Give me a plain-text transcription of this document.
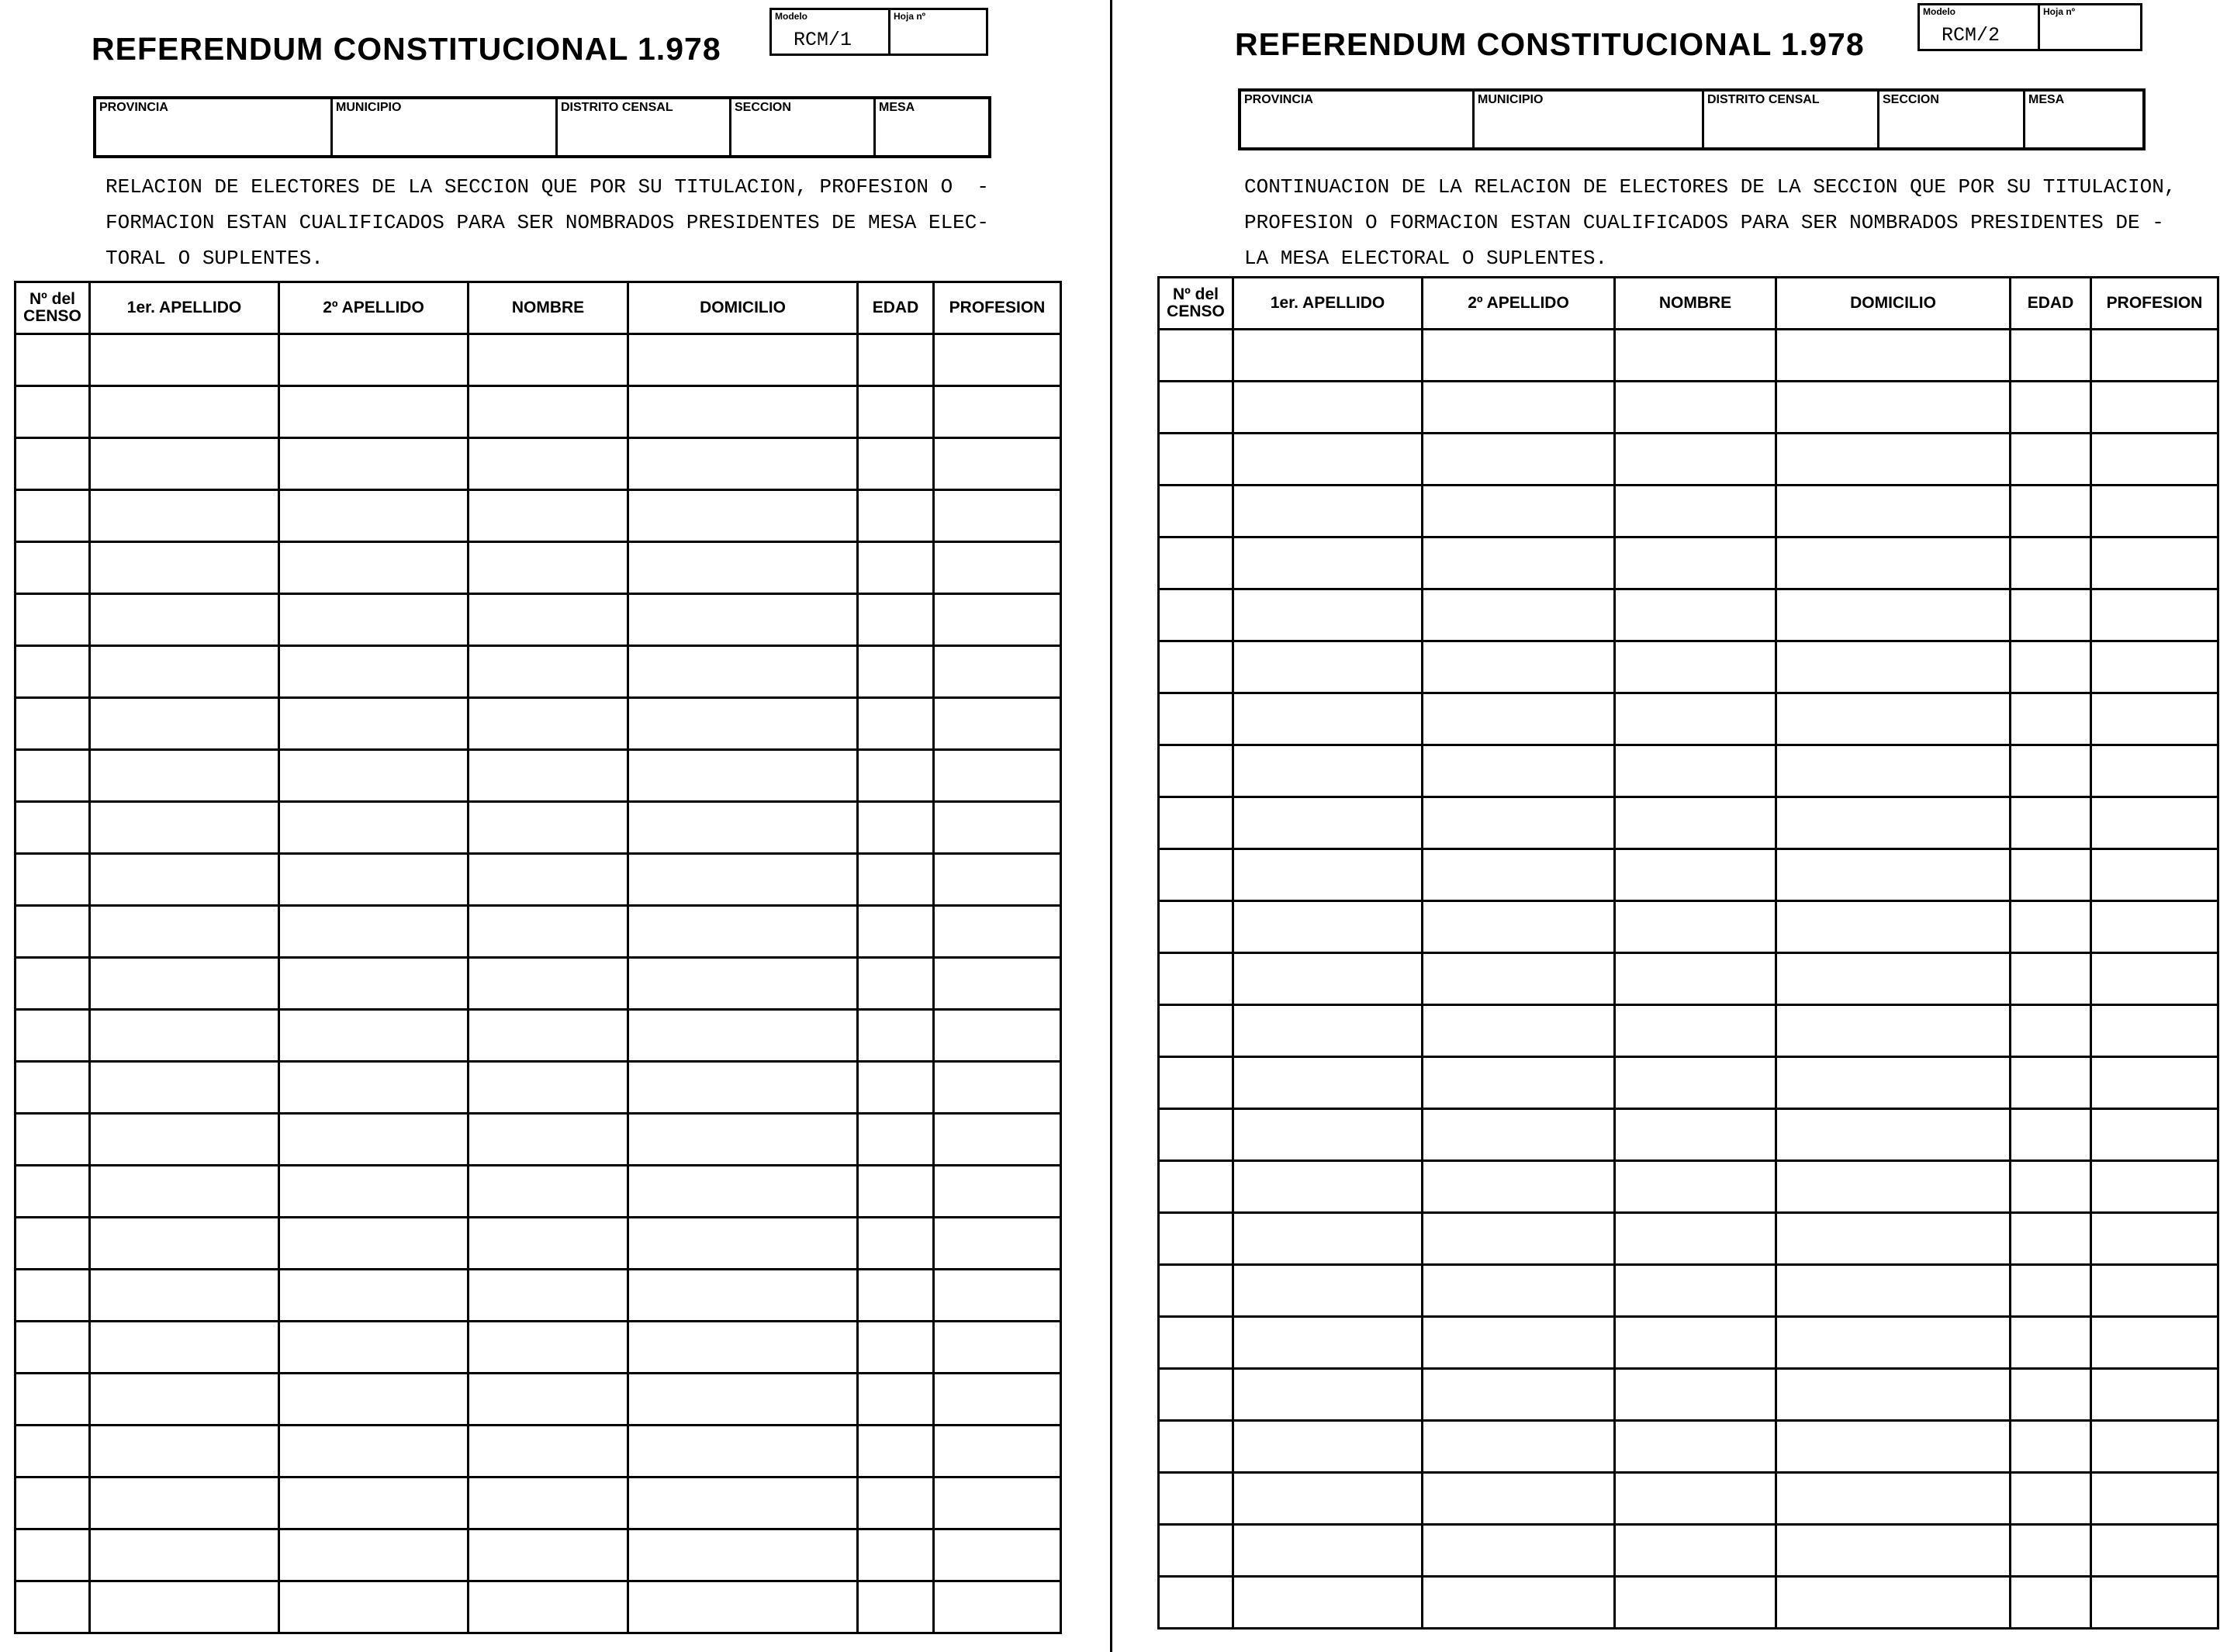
REFERENDUM CONSTITUCIONAL 1.978
Modelo
RCM/1
Hoja nº
PROVINCIA	MUNICIPIO	DISTRITO CENSAL	SECCION	MESA
RELACION DE ELECTORES DE LA SECCION QUE POR SU TITULACION, PROFESION O  -
FORMACION ESTAN CUALIFICADOS PARA SER NOMBRADOS PRESIDENTES DE MESA ELEC-
TORAL O SUPLENTES.
Nº del CENSO	1er. APELLIDO	2º APELLIDO	NOMBRE	DOMICILIO	EDAD	PROFESION

REFERENDUM CONSTITUCIONAL 1.978
Modelo
RCM/2
Hoja nº
PROVINCIA	MUNICIPIO	DISTRITO CENSAL	SECCION	MESA
CONTINUACION DE LA RELACION DE ELECTORES DE LA SECCION QUE POR SU TITULACION,
PROFESION O FORMACION ESTAN CUALIFICADOS PARA SER NOMBRADOS PRESIDENTES DE -
LA MESA ELECTORAL O SUPLENTES.
Nº del CENSO	1er. APELLIDO	2º APELLIDO	NOMBRE	DOMICILIO	EDAD	PROFESION
